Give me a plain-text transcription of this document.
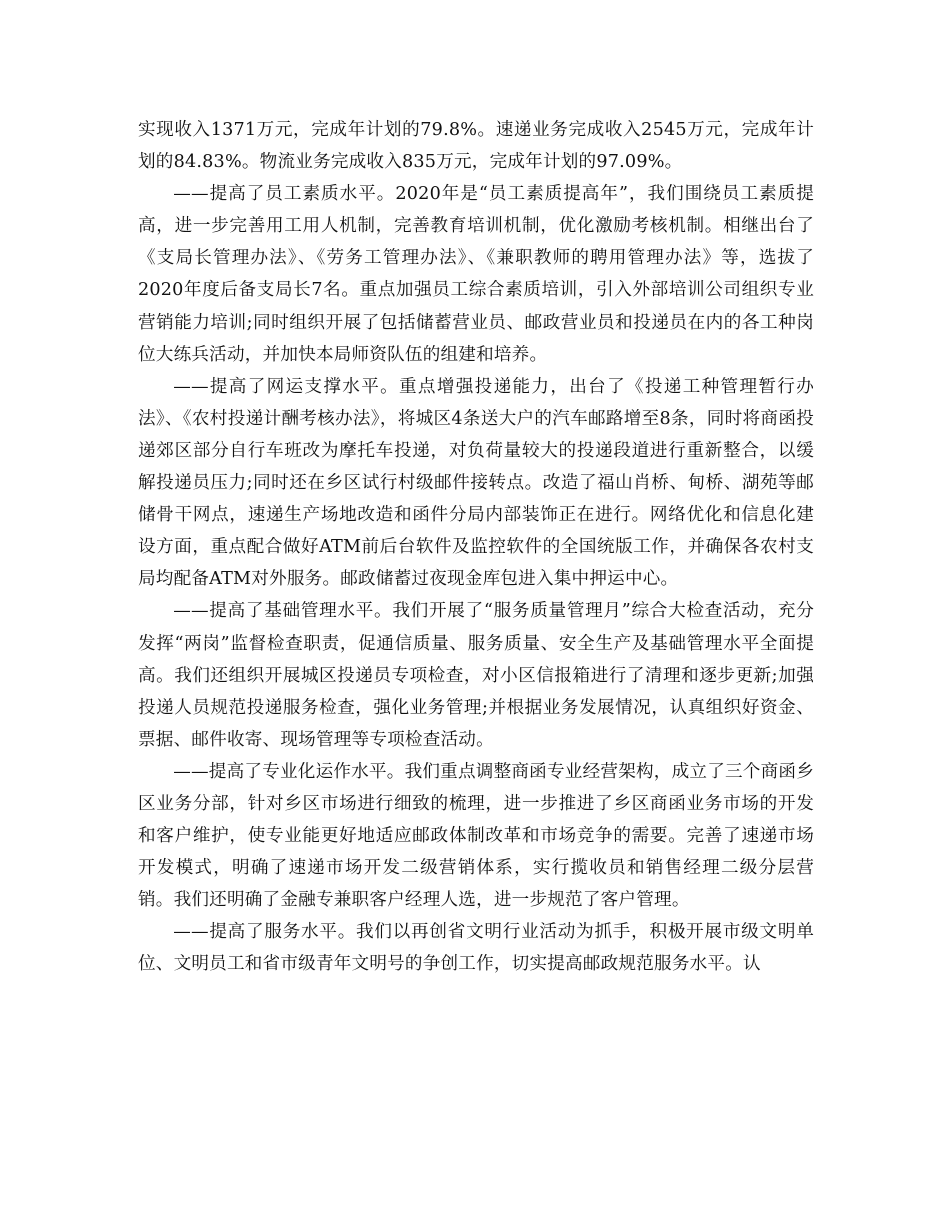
实现收入1371万元，完成年计划的79.8%。速递业务完成收入2545万元，完成年计划的84.83%。物流业务完成收入835万元，完成年计划的97.09%。

——提高了员工素质水平。2020年是“员工素质提高年”，我们围绕员工素质提高，进一步完善用工用人机制，完善教育培训机制，优化激励考核机制。相继出台了《支局长管理办法》、《劳务工管理办法》、《兼职教师的聘用管理办法》等，选拔了2020年度后备支局长7名。重点加强员工综合素质培训，引入外部培训公司组织专业营销能力培训;同时组织开展了包括储蓄营业员、邮政营业员和投递员在内的各工种岗位大练兵活动，并加快本局师资队伍的组建和培养。

——提高了网运支撑水平。重点增强投递能力，出台了《投递工种管理暂行办法》、《农村投递计酬考核办法》，将城区4条送大户的汽车邮路增至8条，同时将商函投递郊区部分自行车班改为摩托车投递，对负荷量较大的投递段道进行重新整合，以缓解投递员压力;同时还在乡区试行村级邮件接转点。改造了福山肖桥、甸桥、湖苑等邮储骨干网点，速递生产场地改造和函件分局内部装饰正在进行。网络优化和信息化建设方面，重点配合做好ATM前后台软件及监控软件的全国统版工作，并确保各农村支局均配备ATM对外服务。邮政储蓄过夜现金库包进入集中押运中心。

——提高了基础管理水平。我们开展了“服务质量管理月”综合大检查活动，充分发挥“两岗”监督检查职责，促通信质量、服务质量、安全生产及基础管理水平全面提高。我们还组织开展城区投递员专项检查，对小区信报箱进行了清理和逐步更新;加强投递人员规范投递服务检查，强化业务管理;并根据业务发展情况，认真组织好资金、票据、邮件收寄、现场管理等专项检查活动。

——提高了专业化运作水平。我们重点调整商函专业经营架构，成立了三个商函乡区业务分部，针对乡区市场进行细致的梳理，进一步推进了乡区商函业务市场的开发和客户维护，使专业能更好地适应邮政体制改革和市场竞争的需要。完善了速递市场开发模式，明确了速递市场开发二级营销体系，实行揽收员和销售经理二级分层营销。我们还明确了金融专兼职客户经理人选，进一步规范了客户管理。

——提高了服务水平。我们以再创省文明行业活动为抓手，积极开展市级文明单位、文明员工和省市级青年文明号的争创工作，切实提高邮政规范服务水平。认
